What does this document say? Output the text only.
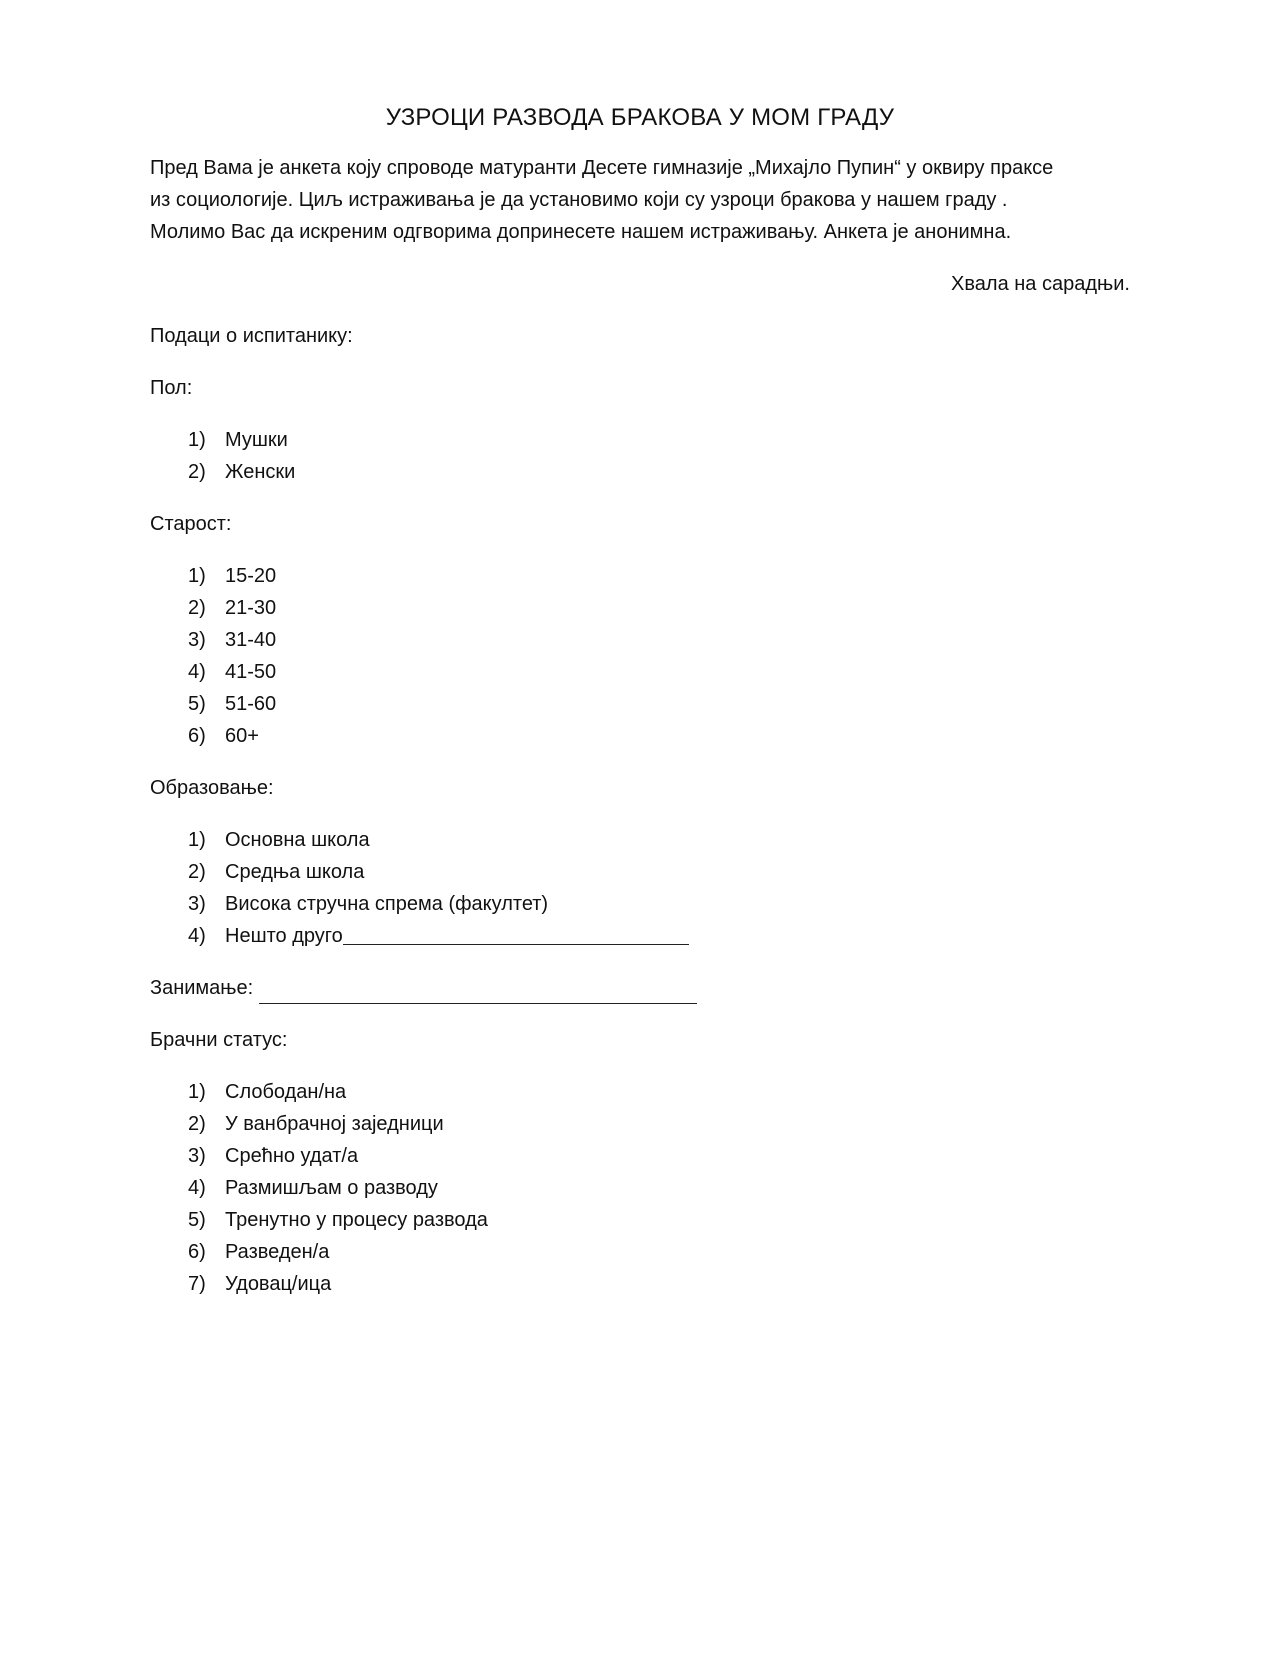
УЗРОЦИ РАЗВОДА БРАКОВА У МОМ ГРАДУ

Пред Вама је анкета коју спроводе матуранти Десете гимназије „Михајло Пупин“ у оквиру праксе
из социологије. Циљ истраживања је да установимо који су узроци бракова у нашем граду .
Молимо Вас да искреним одгворима допринесете нашем истраживању. Анкета је анонимна.

Хвала на сарадњи.

Подаци о испитанику:

Пол:

1) Мушки
2) Женски

Старост:

1) 15-20
2) 21-30
3) 31-40
4) 41-50
5) 51-60
6) 60+

Образовање:

1) Основна школа
2) Средња школа
3) Висока стручна спрема (факултет)
4) Нешто друго

Занимање:

Брачни статус:

1) Слободан/на
2) У ванбрачној заједници
3) Срећно удат/а
4) Размишљам о разводу
5) Тренутно у процесу развода
6) Разведен/а
7) Удовац/ица
